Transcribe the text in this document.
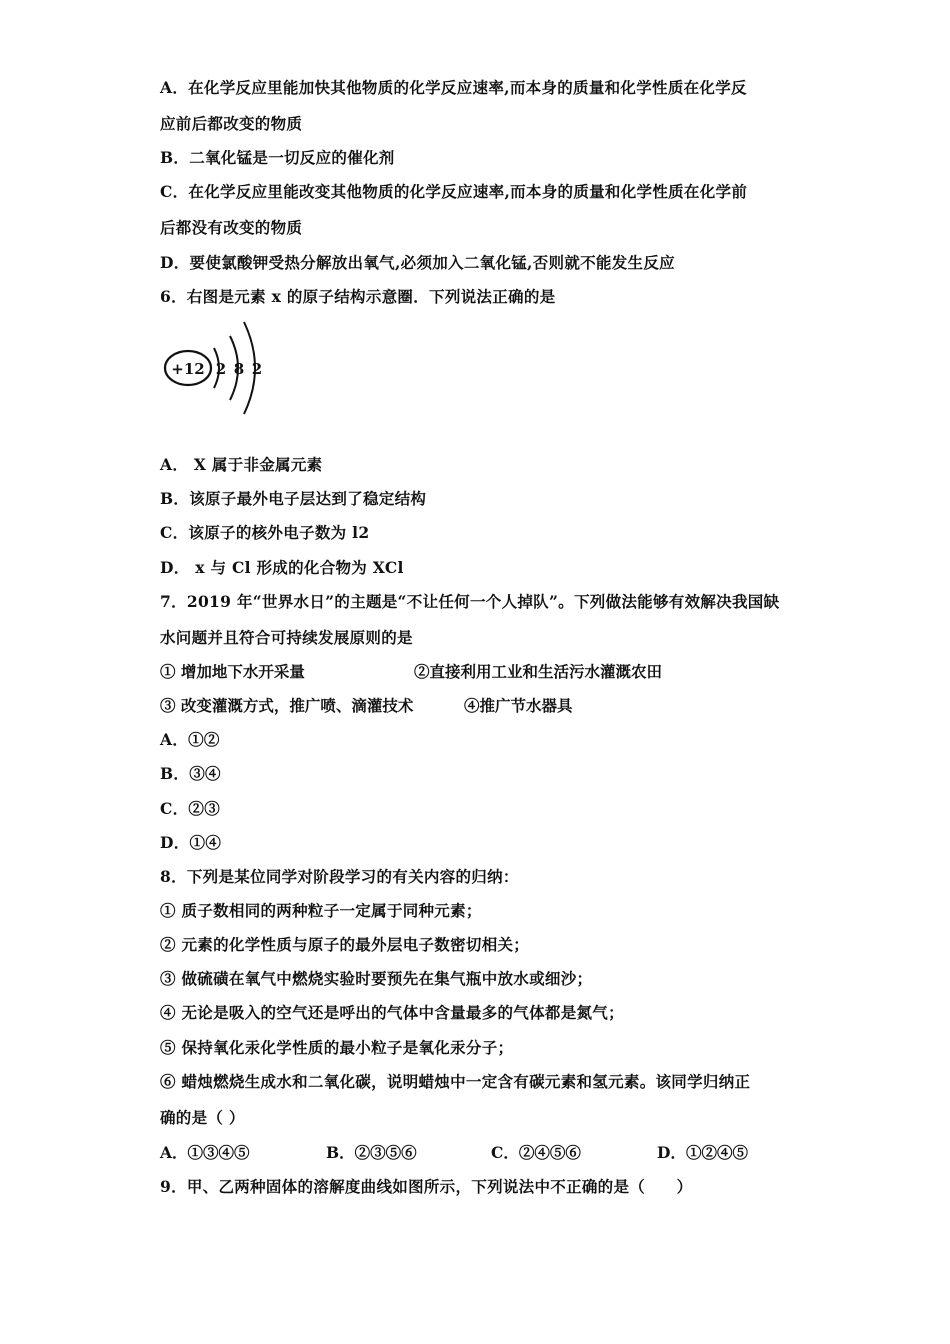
A．在化学反应里能加快其他物质的化学反应速率,而本身的质量和化学性质在化学反
应前后都改变的物质
B．二氧化锰是一切反应的催化剂
C．在化学反应里能改变其他物质的化学反应速率,而本身的质量和化学性质在化学前
后都没有改变的物质
D．要使氯酸钾受热分解放出氧气,必须加入二氧化锰,否则就不能发生反应
6．右图是元素 x 的原子结构示意圈．下列说法正确的是
+12 2 8 2
A． X 属于非金属元素
B．该原子最外电子层达到了稳定结构
C．该原子的核外电子数为 l2
D． x 与 Cl 形成的化合物为 XCl
7．2019 年“世界水日”的主题是“不让任何一个人掉队”。下列做法能够有效解决我国缺
水问题并且符合可持续发展原则的是
① 增加地下水开采量	②直接利用工业和生活污水灌溉农田
③ 改变灌溉方式，推广喷、滴灌技术	④推广节水器具
A．①②
B．③④
C．②③
D．①④
8．下列是某位同学对阶段学习的有关内容的归纳：
① 质子数相同的两种粒子一定属于同种元素；
② 元素的化学性质与原子的最外层电子数密切相关；
③ 做硫磺在氧气中燃烧实验时要预先在集气瓶中放水或细沙；
④ 无论是吸入的空气还是呼出的气体中含量最多的气体都是氮气；
⑤ 保持氧化汞化学性质的最小粒子是氧化汞分子；
⑥ 蜡烛燃烧生成水和二氧化碳，说明蜡烛中一定含有碳元素和氢元素。该同学归纳正
确的是（ ）
A．①③④⑤	B．②③⑤⑥	C．②④⑤⑥	D．①②④⑤
9．甲、乙两种固体的溶解度曲线如图所示，下列说法中不正确的是（　　）
